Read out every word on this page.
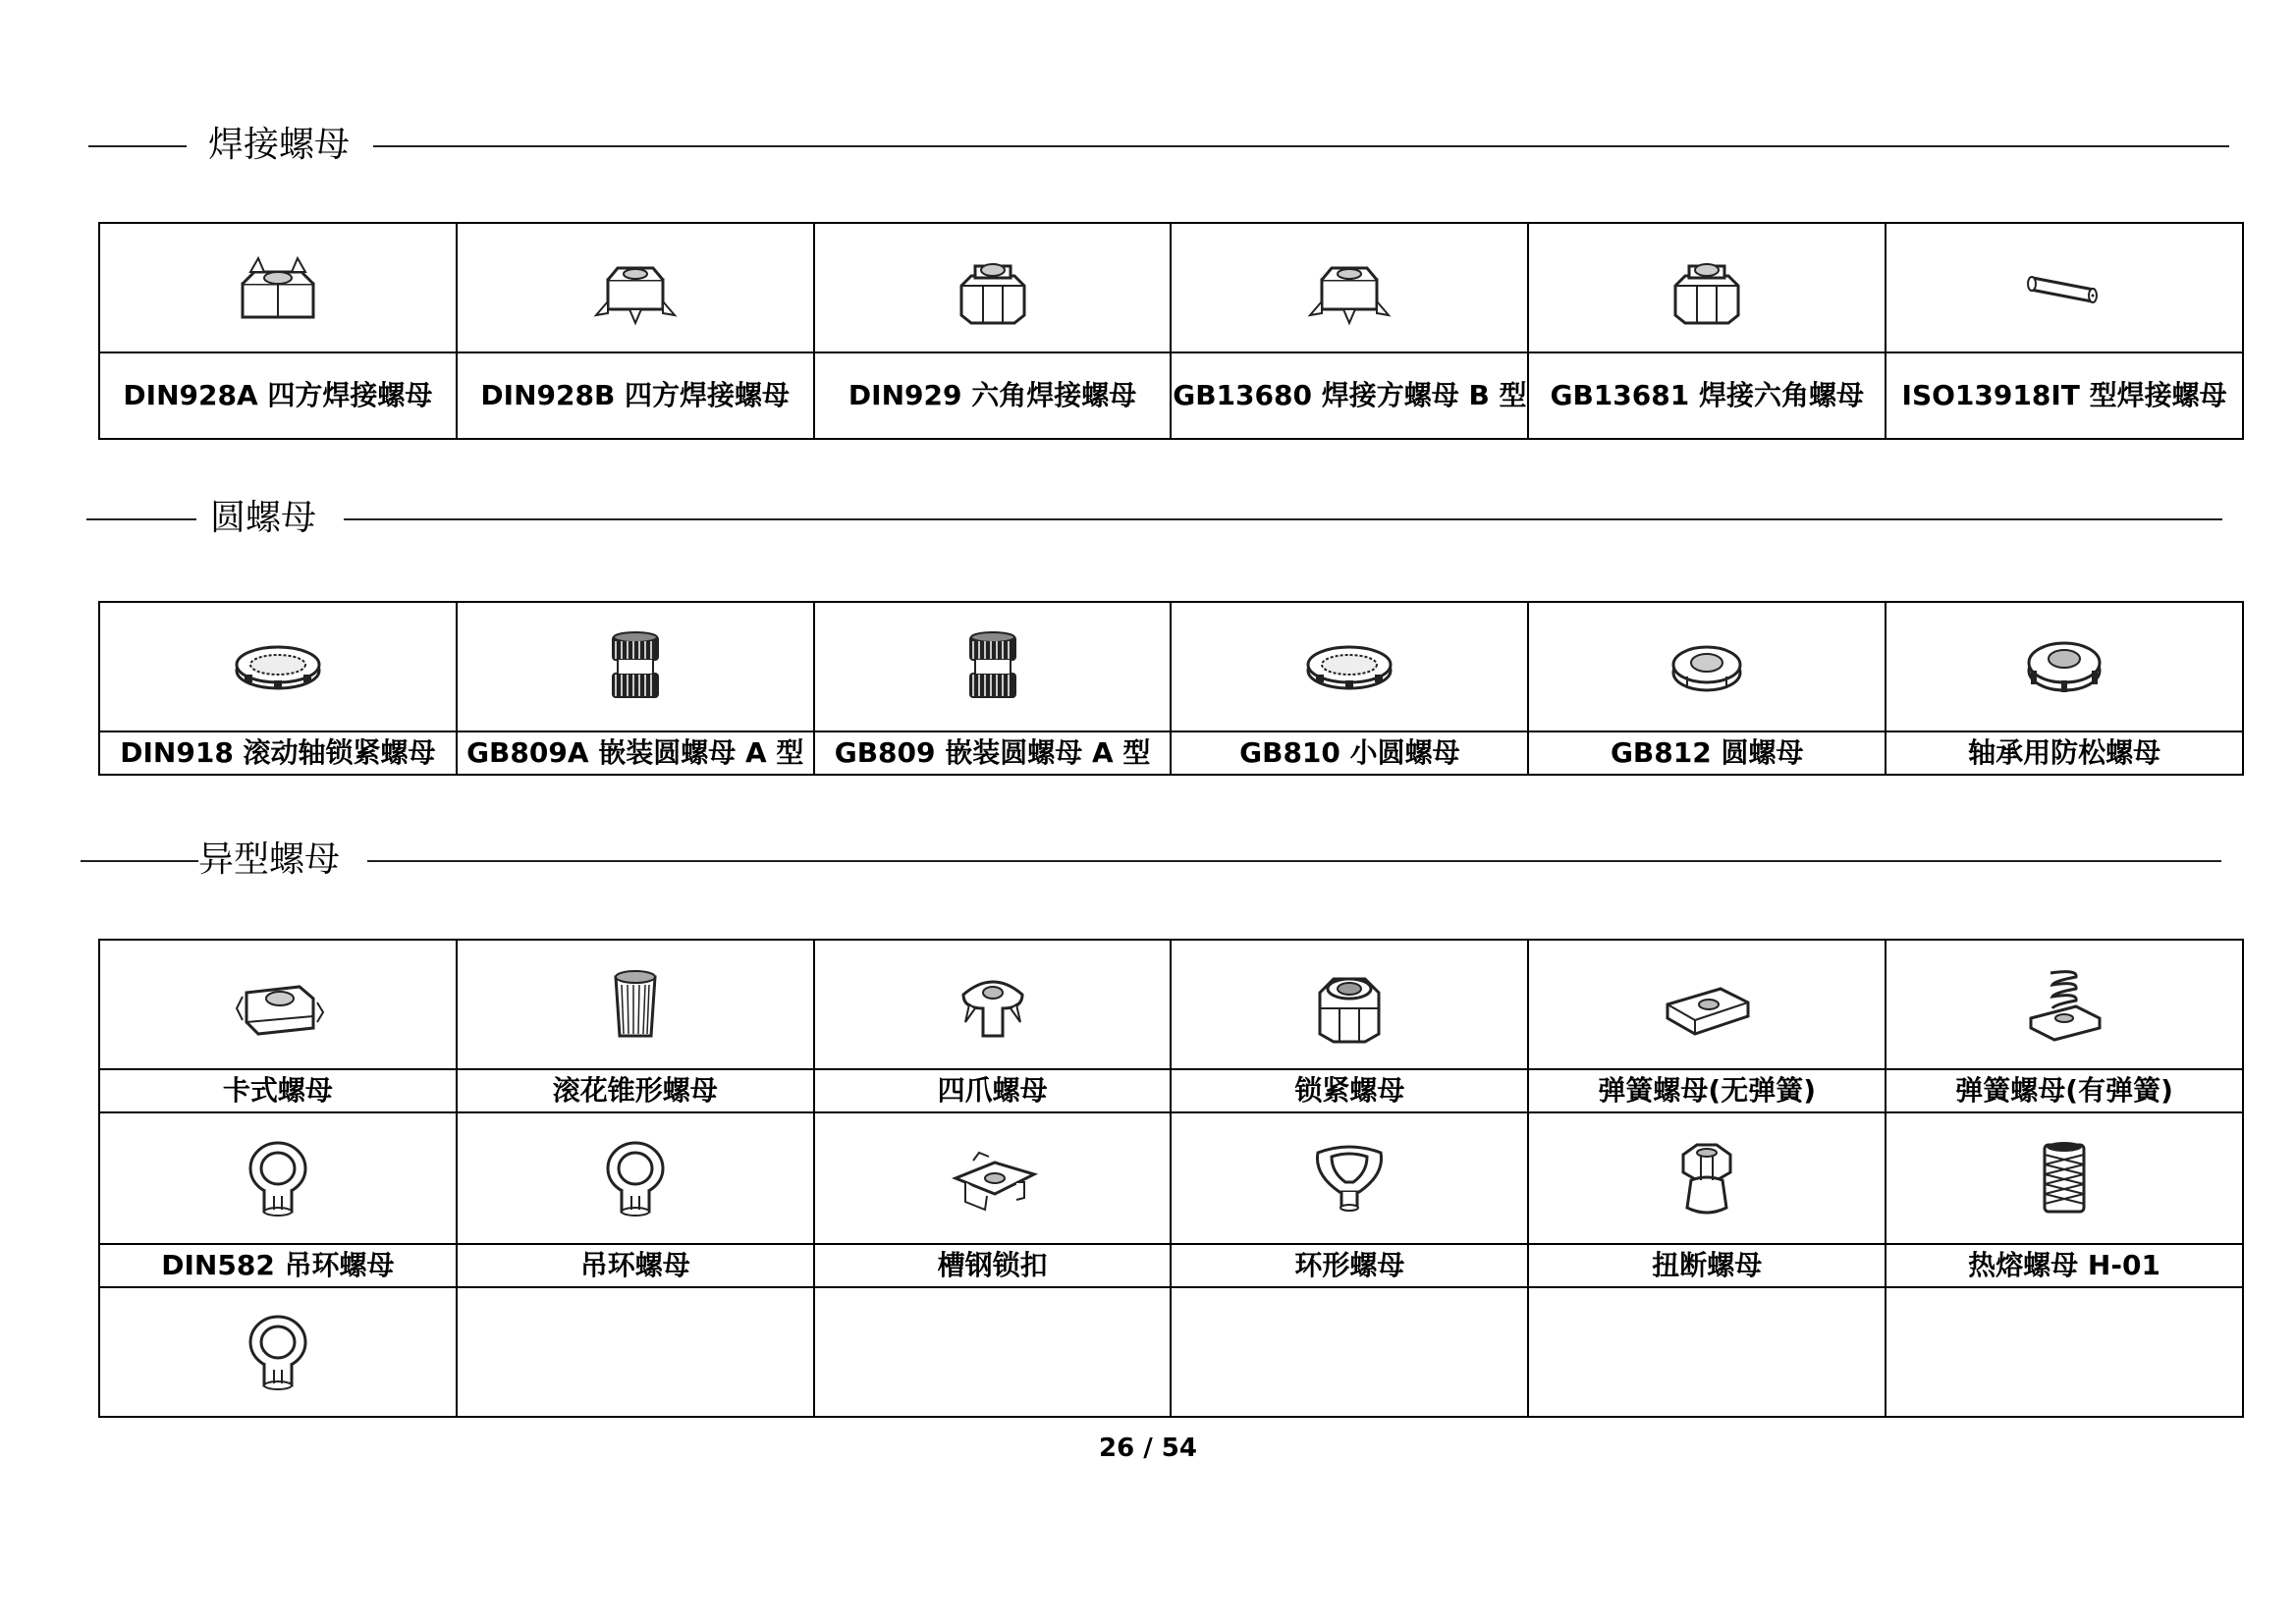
焊接螺母

DIN928A 四方焊接螺母	DIN928B 四方焊接螺母	DIN929 六角焊接螺母	GB13680 焊接方螺母 B 型	GB13681 焊接六角螺母	ISO13918IT 型焊接螺母
圆螺母

DIN918 滚动轴锁紧螺母	GB809A 嵌装圆螺母 A 型	GB809 嵌装圆螺母 A 型	GB810 小圆螺母	GB812 圆螺母	轴承用防松螺母
异型螺母

卡式螺母	滚花锥形螺母	四爪螺母	锁紧螺母	弹簧螺母(无弹簧)	弹簧螺母(有弹簧)

DIN582 吊环螺母	吊环螺母	槽钢锁扣	环形螺母	扭断螺母	热熔螺母 H-01

26 / 54
